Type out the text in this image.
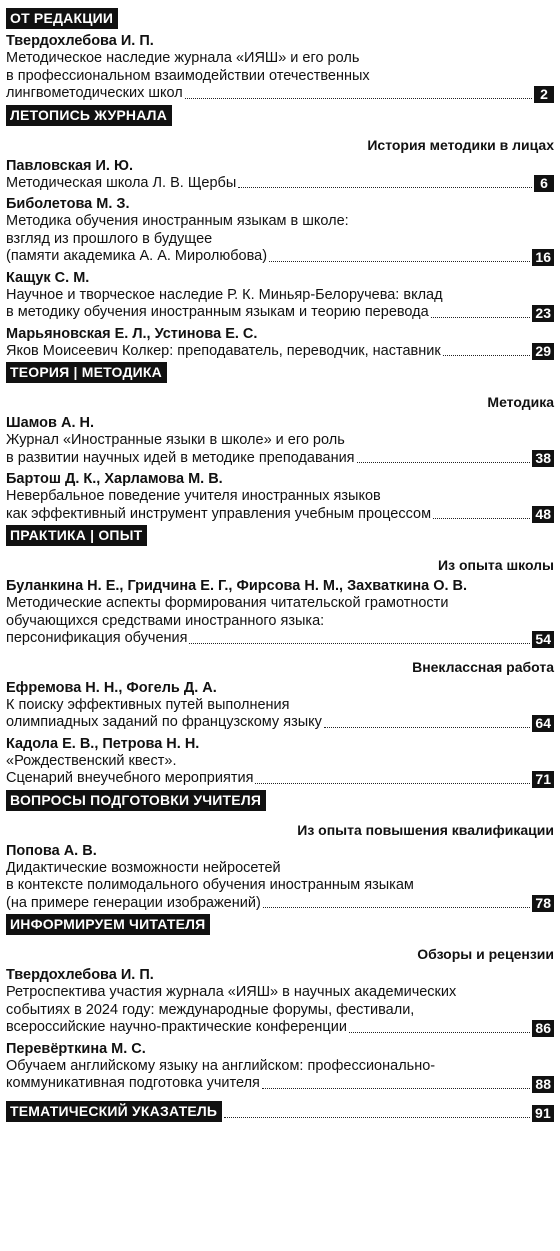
ОТ РЕДАКЦИИ
Твердохлебова И. П.
Методическое наследие журнала «ИЯШ» и его роль
в профессиональном взаимодействии отечественных
лингвометодических школ	2
ЛЕТОПИСЬ ЖУРНАЛА
История методики в лицах
Павловская И. Ю.
Методическая школа Л. В. Щербы	6
Биболетова М. З.
Методика обучения иностранным языкам в школе:
взгляд из прошлого в будущее
(памяти академика А. А. Миролюбова)	16
Кащук С. М.
Научное и творческое наследие Р. К. Миньяр-Белоручева: вклад
в методику обучения иностранным языкам и теорию перевода	23
Марьяновская Е. Л., Устинова Е. С.
Яков Моисеевич Колкер: преподаватель, переводчик, наставник	29
ТЕОРИЯ | МЕТОДИКА
Методика
Шамов А. Н.
Журнал «Иностранные языки в школе» и его роль
в развитии научных идей в методике преподавания	38
Бартош Д. К., Харламова М. В.
Невербальное поведение учителя иностранных языков
как эффективный инструмент управления учебным процессом	48
ПРАКТИКА | ОПЫТ
Из опыта школы
Буланкина Н. Е., Гридчина Е. Г., Фирсова Н. М., Захваткина О. В.
Методические аспекты формирования читательской грамотности
обучающихся средствами иностранного языка:
персонификация обучения	54
Внеклассная работа
Ефремова Н. Н., Фогель Д. А.
К поиску эффективных путей выполнения
олимпиадных заданий по французскому языку	64
Кадола Е. В., Петрова Н. Н.
«Рождественский квест».
Сценарий внеучебного мероприятия	71
ВОПРОСЫ ПОДГОТОВКИ УЧИТЕЛЯ
Из опыта повышения квалификации
Попова А. В.
Дидактические возможности нейросетей
в контексте полимодального обучения иностранным языкам
(на примере генерации изображений)	78
ИНФОРМИРУЕМ ЧИТАТЕЛЯ
Обзоры и рецензии
Твердохлебова И. П.
Ретроспектива участия журнала «ИЯШ» в научных академических
событиях в 2024 году: международные форумы, фестивали,
всероссийские научно-практические конференции	86
Перевёрткина М. С.
Обучаем английскому языку на английском: профессионально-
коммуникативная подготовка учителя	88
ТЕМАТИЧЕСКИЙ УКАЗАТЕЛЬ	91
